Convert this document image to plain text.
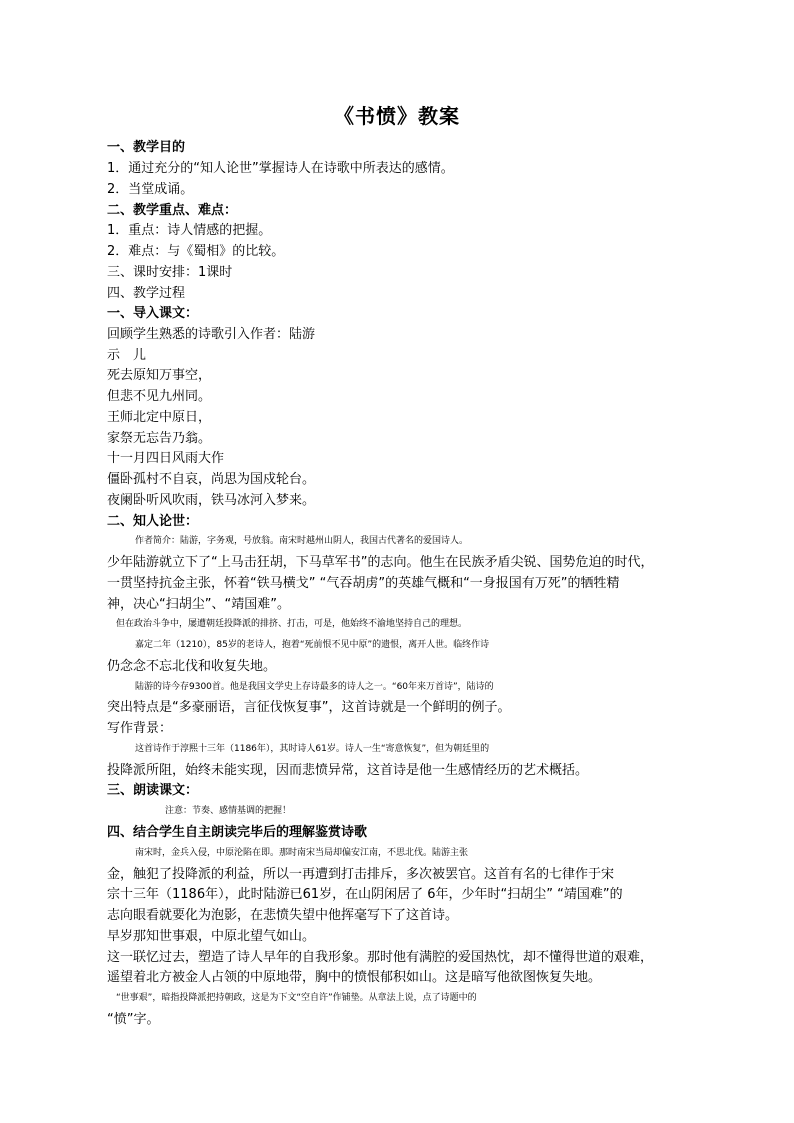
《书愤》教案
一、教学目的
1．通过充分的“知人论世”掌握诗人在诗歌中所表达的感情。
2．当堂成诵。
二、教学重点、难点：
1．重点：诗人情感的把握。
2．难点：与《蜀相》的比较。
三、课时安排：1课时
四、教学过程
一、导入课文：
回顾学生熟悉的诗歌引入作者：陆游
示　儿
死去原知万事空，
但悲不见九州同。
王师北定中原日，
家祭无忘告乃翁。
十一月四日风雨大作
僵卧孤村不自哀，尚思为国戍轮台。
夜阑卧听风吹雨，铁马冰河入梦来。
二、知人论世：
作者简介：陆游，字务观，号放翁。南宋时越州山阴人，我国古代著名的爱国诗人。
少年陆游就立下了“上马击狂胡，下马草军书”的志向。他生在民族矛盾尖锐、国势危迫的时代，
一贯坚持抗金主张，怀着“铁马横戈” “气吞胡虏”的英雄气概和“一身报国有万死”的牺牲精
神，决心“扫胡尘”、“靖国难”。
但在政治斗争中，屡遭朝廷投降派的排挤、打击，可是，他始终不渝地坚持自己的理想。
嘉定二年（1210），85岁的老诗人，抱着“死前恨不见中原”的遗恨，离开人世。临终作诗
仍念念不忘北伐和收复失地。
陆游的诗今存9300首。他是我国文学史上存诗最多的诗人之一。“60年来万首诗”，陆诗的
突出特点是“多豪丽语，言征伐恢复事”，这首诗就是一个鲜明的例子。
写作背景：
这首诗作于淳熙十三年（1186年），其时诗人61岁。诗人一生“寄意恢复”，但为朝廷里的
投降派所阻，始终未能实现，因而悲愤异常，这首诗是他一生感情经历的艺术概括。
三、朗读课文：
注意：节奏、感情基调的把握！
四、结合学生自主朗读完毕后的理解鉴赏诗歌
南宋时，金兵入侵，中原沦陷在即。那时南宋当局却偏安江南，不思北伐。陆游主张
金，触犯了投降派的利益，所以一再遭到打击排斥，多次被罢官。这首有名的七律作于宋
宗十三年（1186年），此时陆游已61岁，在山阴闲居了 6年，少年时“扫胡尘” “靖国难”的
志向眼看就要化为泡影，在悲愤失望中他挥毫写下了这首诗。
早岁那知世事艰，中原北望气如山。
这一联忆过去，塑造了诗人早年的自我形象。那时他有满腔的爱国热忱，却不懂得世道的艰难，
遥望着北方被金人占领的中原地带，胸中的愤恨郁积如山。这是暗写他欲图恢复失地。
“世事艰”，暗指投降派把持朝政，这是为下文“空自许”作铺垫。从章法上说，点了诗题中的
“愤”字。
